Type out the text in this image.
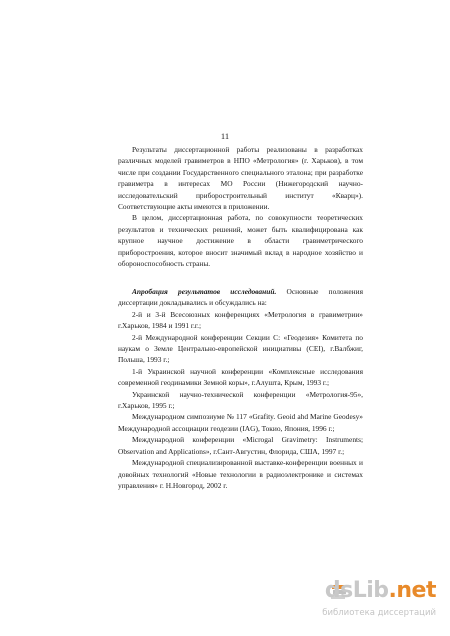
11

Результаты диссертационной работы реализованы в разработках различных моделей гравиметров в НПО «Метрология» (г. Харьков), в том числе при создании Государственного специального эталона; при разработке гравиметра в интересах МО России (Нижегородский научно-исследовательский приборостроительный институт «Кварц»). Соответствующие акты имеются в приложении.

В целом, диссертационная работа, по совокупности теоретических результатов и технических решений, может быть квалифицирована как крупное научное достижение в области гравиметрического приборостроения, которое вносит значимый вклад в народное хозяйство и обороноспособность страны.

Апробация результатов исследований. Основные положения диссертации докладывались и обсуждались на:

2-й и 3-й Всесоюзных конференциях «Метрология в гравиметрии» г.Харьков, 1984 и 1991 г.г.;

2-й Международной конференции Секции С: «Геодезия» Комитета по наукам о Земле Центрально-европейской инициативы (CEI), г.Валбжиг, Польша, 1993 г.;

1-й Украинской научной конференции «Комплексные исследования современной геодинамики Земной коры», г.Алушта, Крым, 1993 г.;

Украинской научно-технической конференции «Метрология-95», г.Харьков, 1995 г.;

Международном симпозиуме № 117 «Grafity. Geoid ahd Marine Geodesy» Международной ассоциации геодезии (IAG), Токио, Япония, 1996 г.;

Международной конференции «Microgal Gravimetry: Instruments; Observation and Applications», г.Сант-Августин, Флорида, США, 1997 г.;

Международной специализированной выставке-конференции военных и довойных технологий «Новые технологии в радиоэлектронике и системах управления» г. Н.Новгород, 2002 г.

dsLib.net
библиотека диссертаций
